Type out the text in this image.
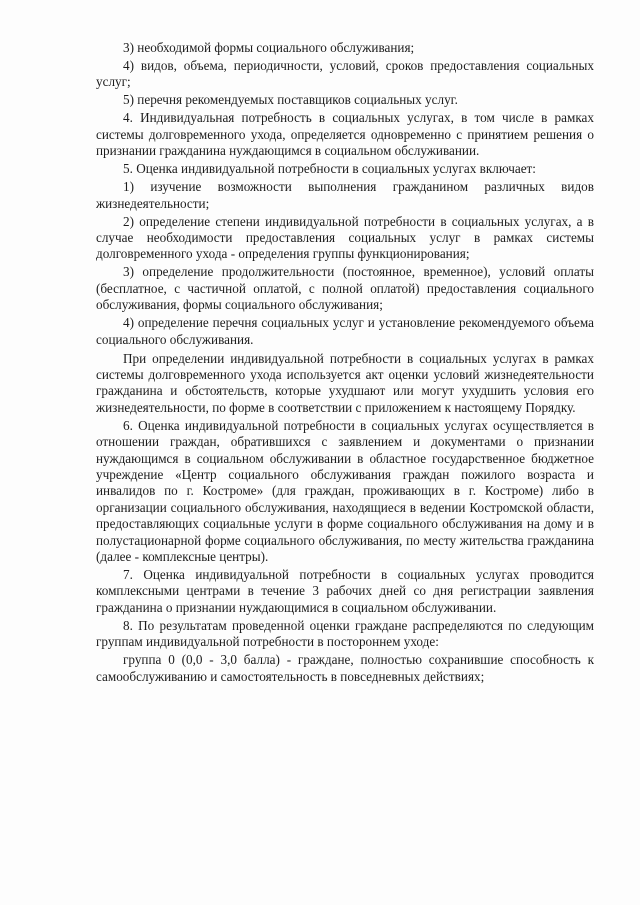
3) необходимой формы социального обслуживания;

4) видов, объема, периодичности, условий, сроков предоставления социальных услуг;

5) перечня рекомендуемых поставщиков социальных услуг.

4. Индивидуальная потребность в социальных услугах, в том числе в рамках системы долговременного ухода, определяется одновременно с принятием решения о признании гражданина нуждающимся в социальном обслуживании.

5. Оценка индивидуальной потребности в социальных услугах включает:

1) изучение возможности выполнения гражданином различных видов жизнедеятельности;

2) определение степени индивидуальной потребности в социальных услугах, а в случае необходимости предоставления социальных услуг в рамках системы долговременного ухода - определения группы функционирования;

3) определение продолжительности (постоянное, временное), условий оплаты (бесплатное, с частичной оплатой, с полной оплатой) предоставления социального обслуживания, формы социального обслуживания;

4) определение перечня социальных услуг и установление рекомендуемого объема социального обслуживания.

При определении индивидуальной потребности в социальных услугах в рамках системы долговременного ухода используется акт оценки условий жизнедеятельности гражданина и обстоятельств, которые ухудшают или могут ухудшить условия его жизнедеятельности, по форме в соответствии с приложением к настоящему Порядку.

6. Оценка индивидуальной потребности в социальных услугах осуществляется в отношении граждан, обратившихся с заявлением и документами о признании нуждающимся в социальном обслуживании в областное государственное бюджетное учреждение «Центр социального обслуживания граждан пожилого возраста и инвалидов по г. Костроме» (для граждан, проживающих в г. Костроме) либо в организации социального обслуживания, находящиеся в ведении Костромской области, предоставляющих социальные услуги в форме социального обслуживания на дому и в полустационарной форме социального обслуживания, по месту жительства гражданина (далее - комплексные центры).

7. Оценка индивидуальной потребности в социальных услугах проводится комплексными центрами в течение 3 рабочих дней со дня регистрации заявления гражданина о признании нуждающимися в социальном обслуживании.

8. По результатам проведенной оценки граждане распределяются по следующим группам индивидуальной потребности в постороннем уходе:

группа 0 (0,0 - 3,0 балла) - граждане, полностью сохранившие способность к самообслуживанию и самостоятельность в повседневных действиях;
